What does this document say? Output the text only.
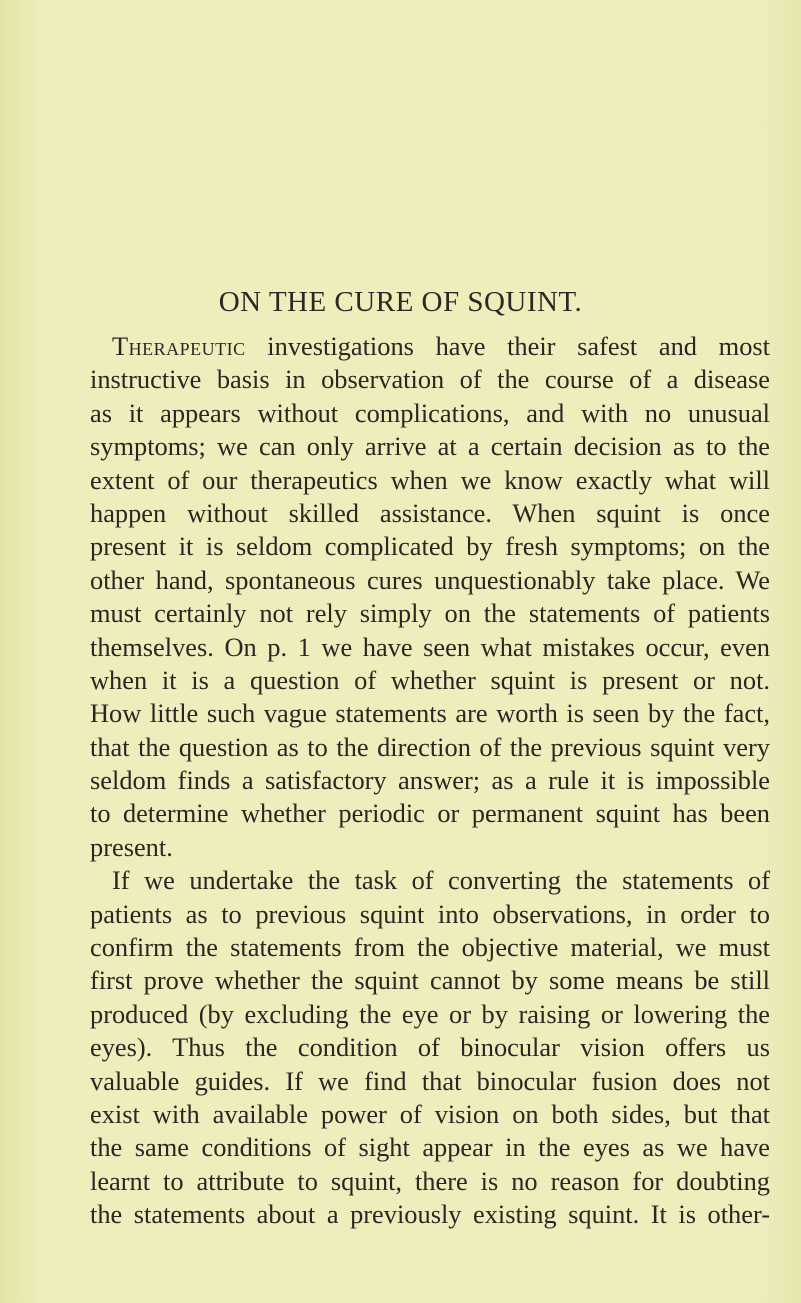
ON THE CURE OF SQUINT.
Therapeutic investigations have their safest and most
instructive basis in observation of the course of a disease
as it appears without complications, and with no unusual
symptoms; we can only arrive at a certain decision as to the
extent of our therapeutics when we know exactly what will
happen without skilled assistance. When squint is once
present it is seldom complicated by fresh symptoms; on the
other hand, spontaneous cures unquestionably take place. We
must certainly not rely simply on the statements of patients
themselves. On p. 1 we have seen what mistakes occur, even
when it is a question of whether squint is present or not.
How little such vague statements are worth is seen by the fact,
that the question as to the direction of the previous squint very
seldom finds a satisfactory answer; as a rule it is impossible
to determine whether periodic or permanent squint has been
present.
If we undertake the task of converting the statements of
patients as to previous squint into observations, in order to
confirm the statements from the objective material, we must
first prove whether the squint cannot by some means be still
produced (by excluding the eye or by raising or lowering the
eyes). Thus the condition of binocular vision offers us
valuable guides. If we find that binocular fusion does not
exist with available power of vision on both sides, but that
the same conditions of sight appear in the eyes as we have
learnt to attribute to squint, there is no reason for doubting
the statements about a previously existing squint. It is other-
